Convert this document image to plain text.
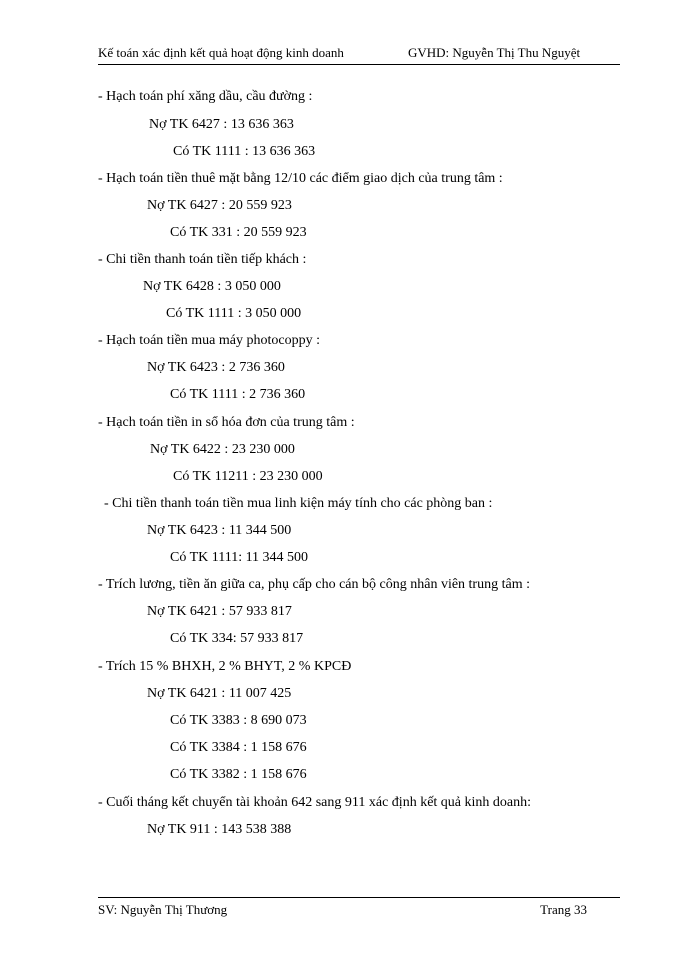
Kế toán xác định kết quả hoạt động kinh doanh	GVHD: Nguyễn Thị Thu Nguyệt
- Hạch toán phí xăng dầu, cầu đường :
Nợ TK 6427 : 13 636 363
Có TK 1111 : 13 636 363
- Hạch toán tiền thuê mặt bằng 12/10 các điểm giao dịch của trung tâm :
Nợ TK 6427 : 20 559 923
Có TK 331 : 20 559 923
- Chi tiền thanh toán tiền tiếp khách :
Nợ TK 6428 : 3 050 000
Có TK 1111 : 3 050 000
- Hạch toán tiền mua máy photocoppy :
Nợ TK 6423 : 2 736 360
Có TK 1111 : 2 736 360
- Hạch toán tiền in sổ hóa đơn của trung tâm :
Nợ TK 6422 : 23 230 000
Có TK 11211 : 23 230 000
- Chi tiền thanh toán tiền mua linh kiện máy tính cho các phòng ban :
Nợ TK 6423 : 11 344 500
Có TK 1111: 11 344 500
- Trích lương, tiền ăn giữa ca, phụ cấp cho cán bộ công nhân viên trung tâm :
Nợ TK 6421 : 57 933 817
Có TK 334: 57 933 817
- Trích 15 % BHXH, 2 % BHYT, 2 % KPCĐ
Nợ TK 6421 : 11 007 425
Có TK 3383 : 8 690 073
Có TK 3384 : 1 158 676
Có TK 3382 : 1 158 676
- Cuối tháng kết chuyển tài khoản 642 sang 911 xác định kết quả kinh doanh:
Nợ TK 911 : 143 538 388
SV: Nguyễn Thị Thương	Trang 33
